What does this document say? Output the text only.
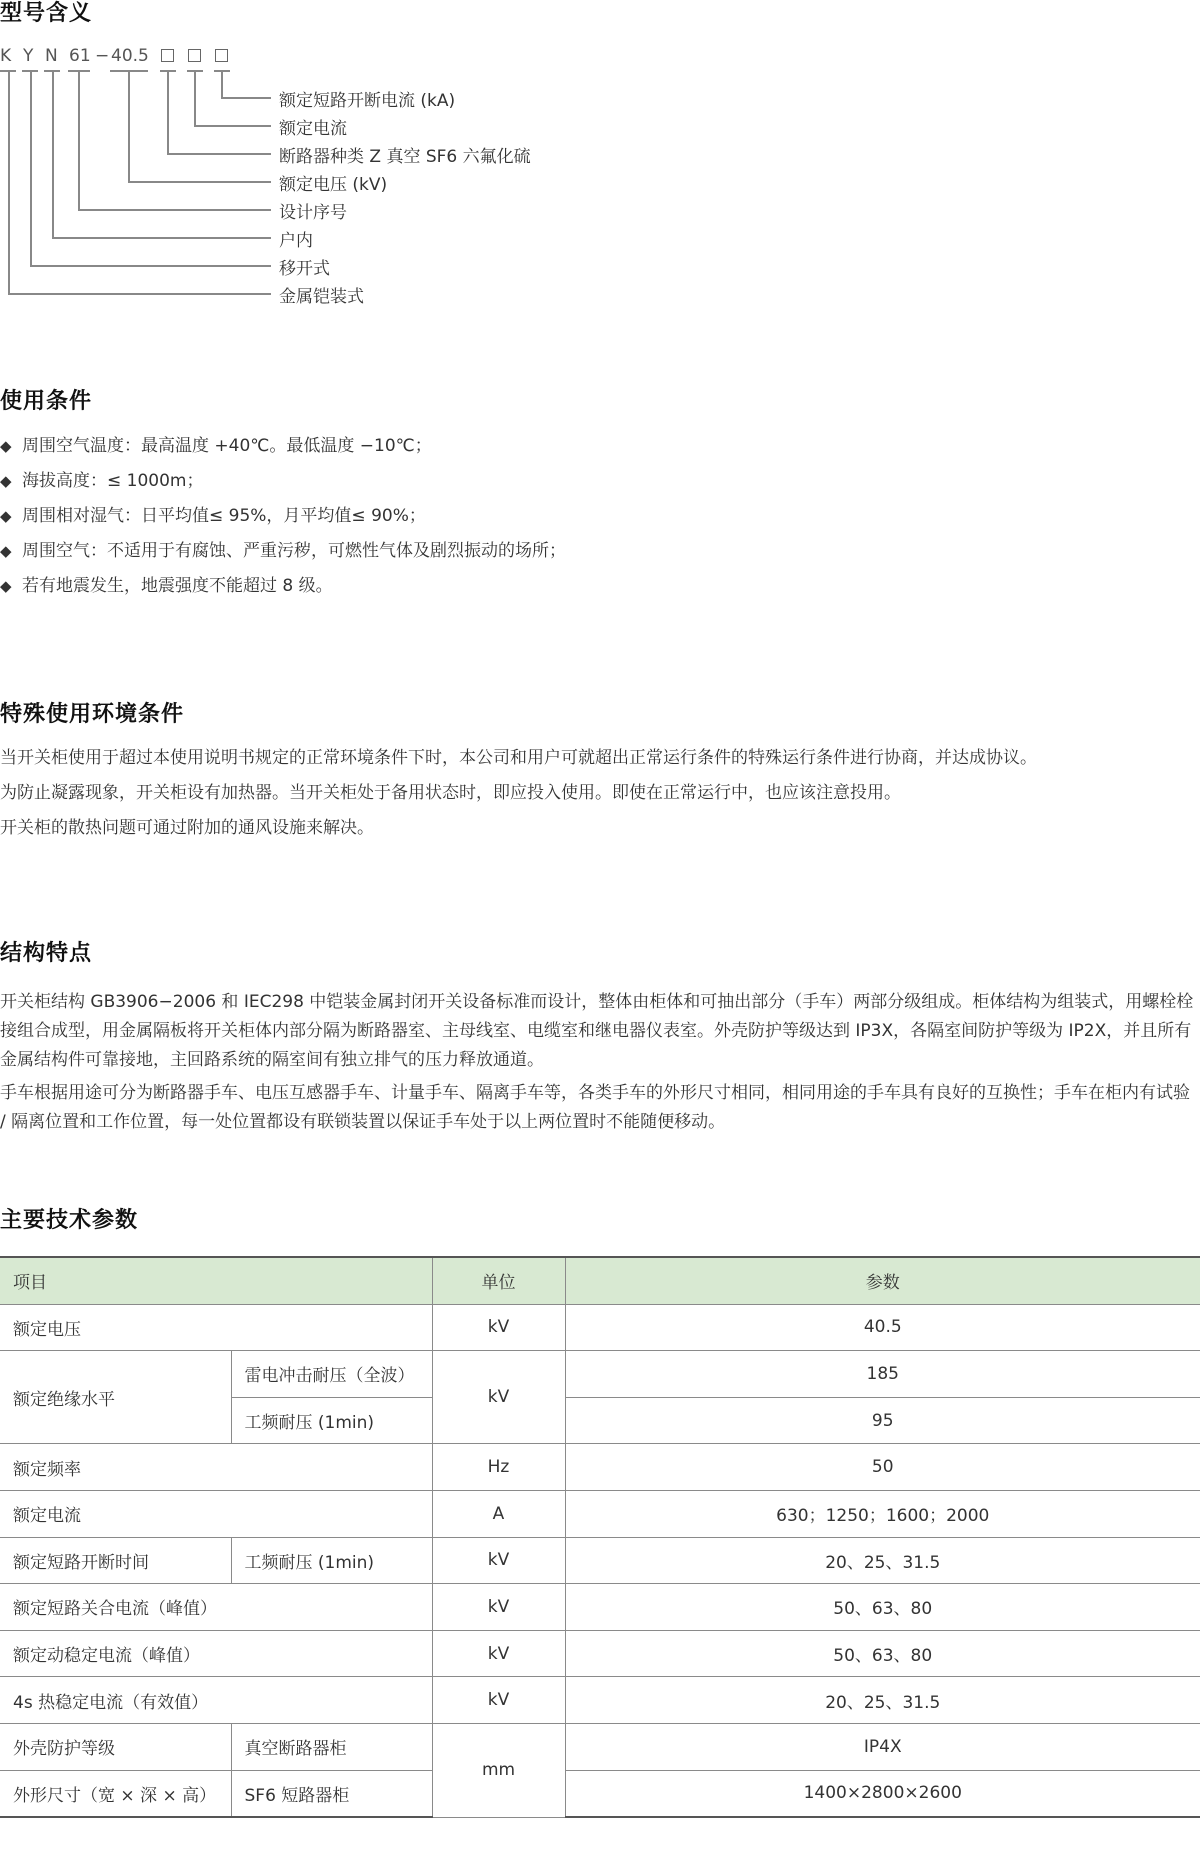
型号含义
K Y N 61 − 40.5
额定短路开断电流 (kA)
额定电流
断路器种类 Z 真空 SF6 六氟化硫
额定电压 (kV)
设计序号
户内
移开式
金属铠装式
使用条件
◆ 周围空气温度：最高温度 +40℃。最低温度 −10℃；
◆ 海拔高度：≤ 1000m；
◆ 周围相对湿气：日平均值≤ 95%，月平均值≤ 90%；
◆ 周围空气：不适用于有腐蚀、严重污秽，可燃性气体及剧烈振动的场所；
◆ 若有地震发生，地震强度不能超过 8 级。
特殊使用环境条件

当开关柜使用于超过本使用说明书规定的正常环境条件下时，本公司和用户可就超出正常运行条件的特殊运行条件进行协商，并达成协议。

为防止凝露现象，开关柜设有加热器。当开关柜处于备用状态时，即应投入使用。即使在正常运行中，也应该注意投用。

开关柜的散热问题可通过附加的通风设施来解决。

结构特点

开关柜结构 GB3906−2006 和 IEC298 中铠装金属封闭开关设备标准而设计，整体由柜体和可抽出部分（手车）两部分级组成。柜体结构为组装式，用螺栓栓接组合成型，用金属隔板将开关柜体内部分隔为断路器室、主母线室、电缆室和继电器仪表室。外壳防护等级达到 IP3X，各隔室间防护等级为 IP2X，并且所有金属结构件可靠接地，主回路系统的隔室间有独立排气的压力释放通道。

手车根据用途可分为断路器手车、电压互感器手车、计量手车、隔离手车等，各类手车的外形尺寸相同，相同用途的手车具有良好的互换性；手车在柜内有试验 / 隔离位置和工作位置，每一处位置都设有联锁装置以保证手车处于以上两位置时不能随便移动。

主要技术参数
项目		单位	参数
额定电压		kV	40.5
额定绝缘水平	雷电冲击耐压（全波）	kV	185
	工频耐压 (1min)		95
额定频率		Hz	50
额定电流		A	630；1250；1600；2000
额定短路开断时间	工频耐压 (1min)	kV	20、25、31.5
额定短路关合电流（峰值）		kV	50、63、80
额定动稳定电流（峰值）		kV	50、63、80
4s 热稳定电流（有效值）		kV	20、25、31.5
外壳防护等级	真空断路器柜	mm	IP4X
外形尺寸（宽 × 深 × 高）	SF6 短路器柜		1400×2800×2600
